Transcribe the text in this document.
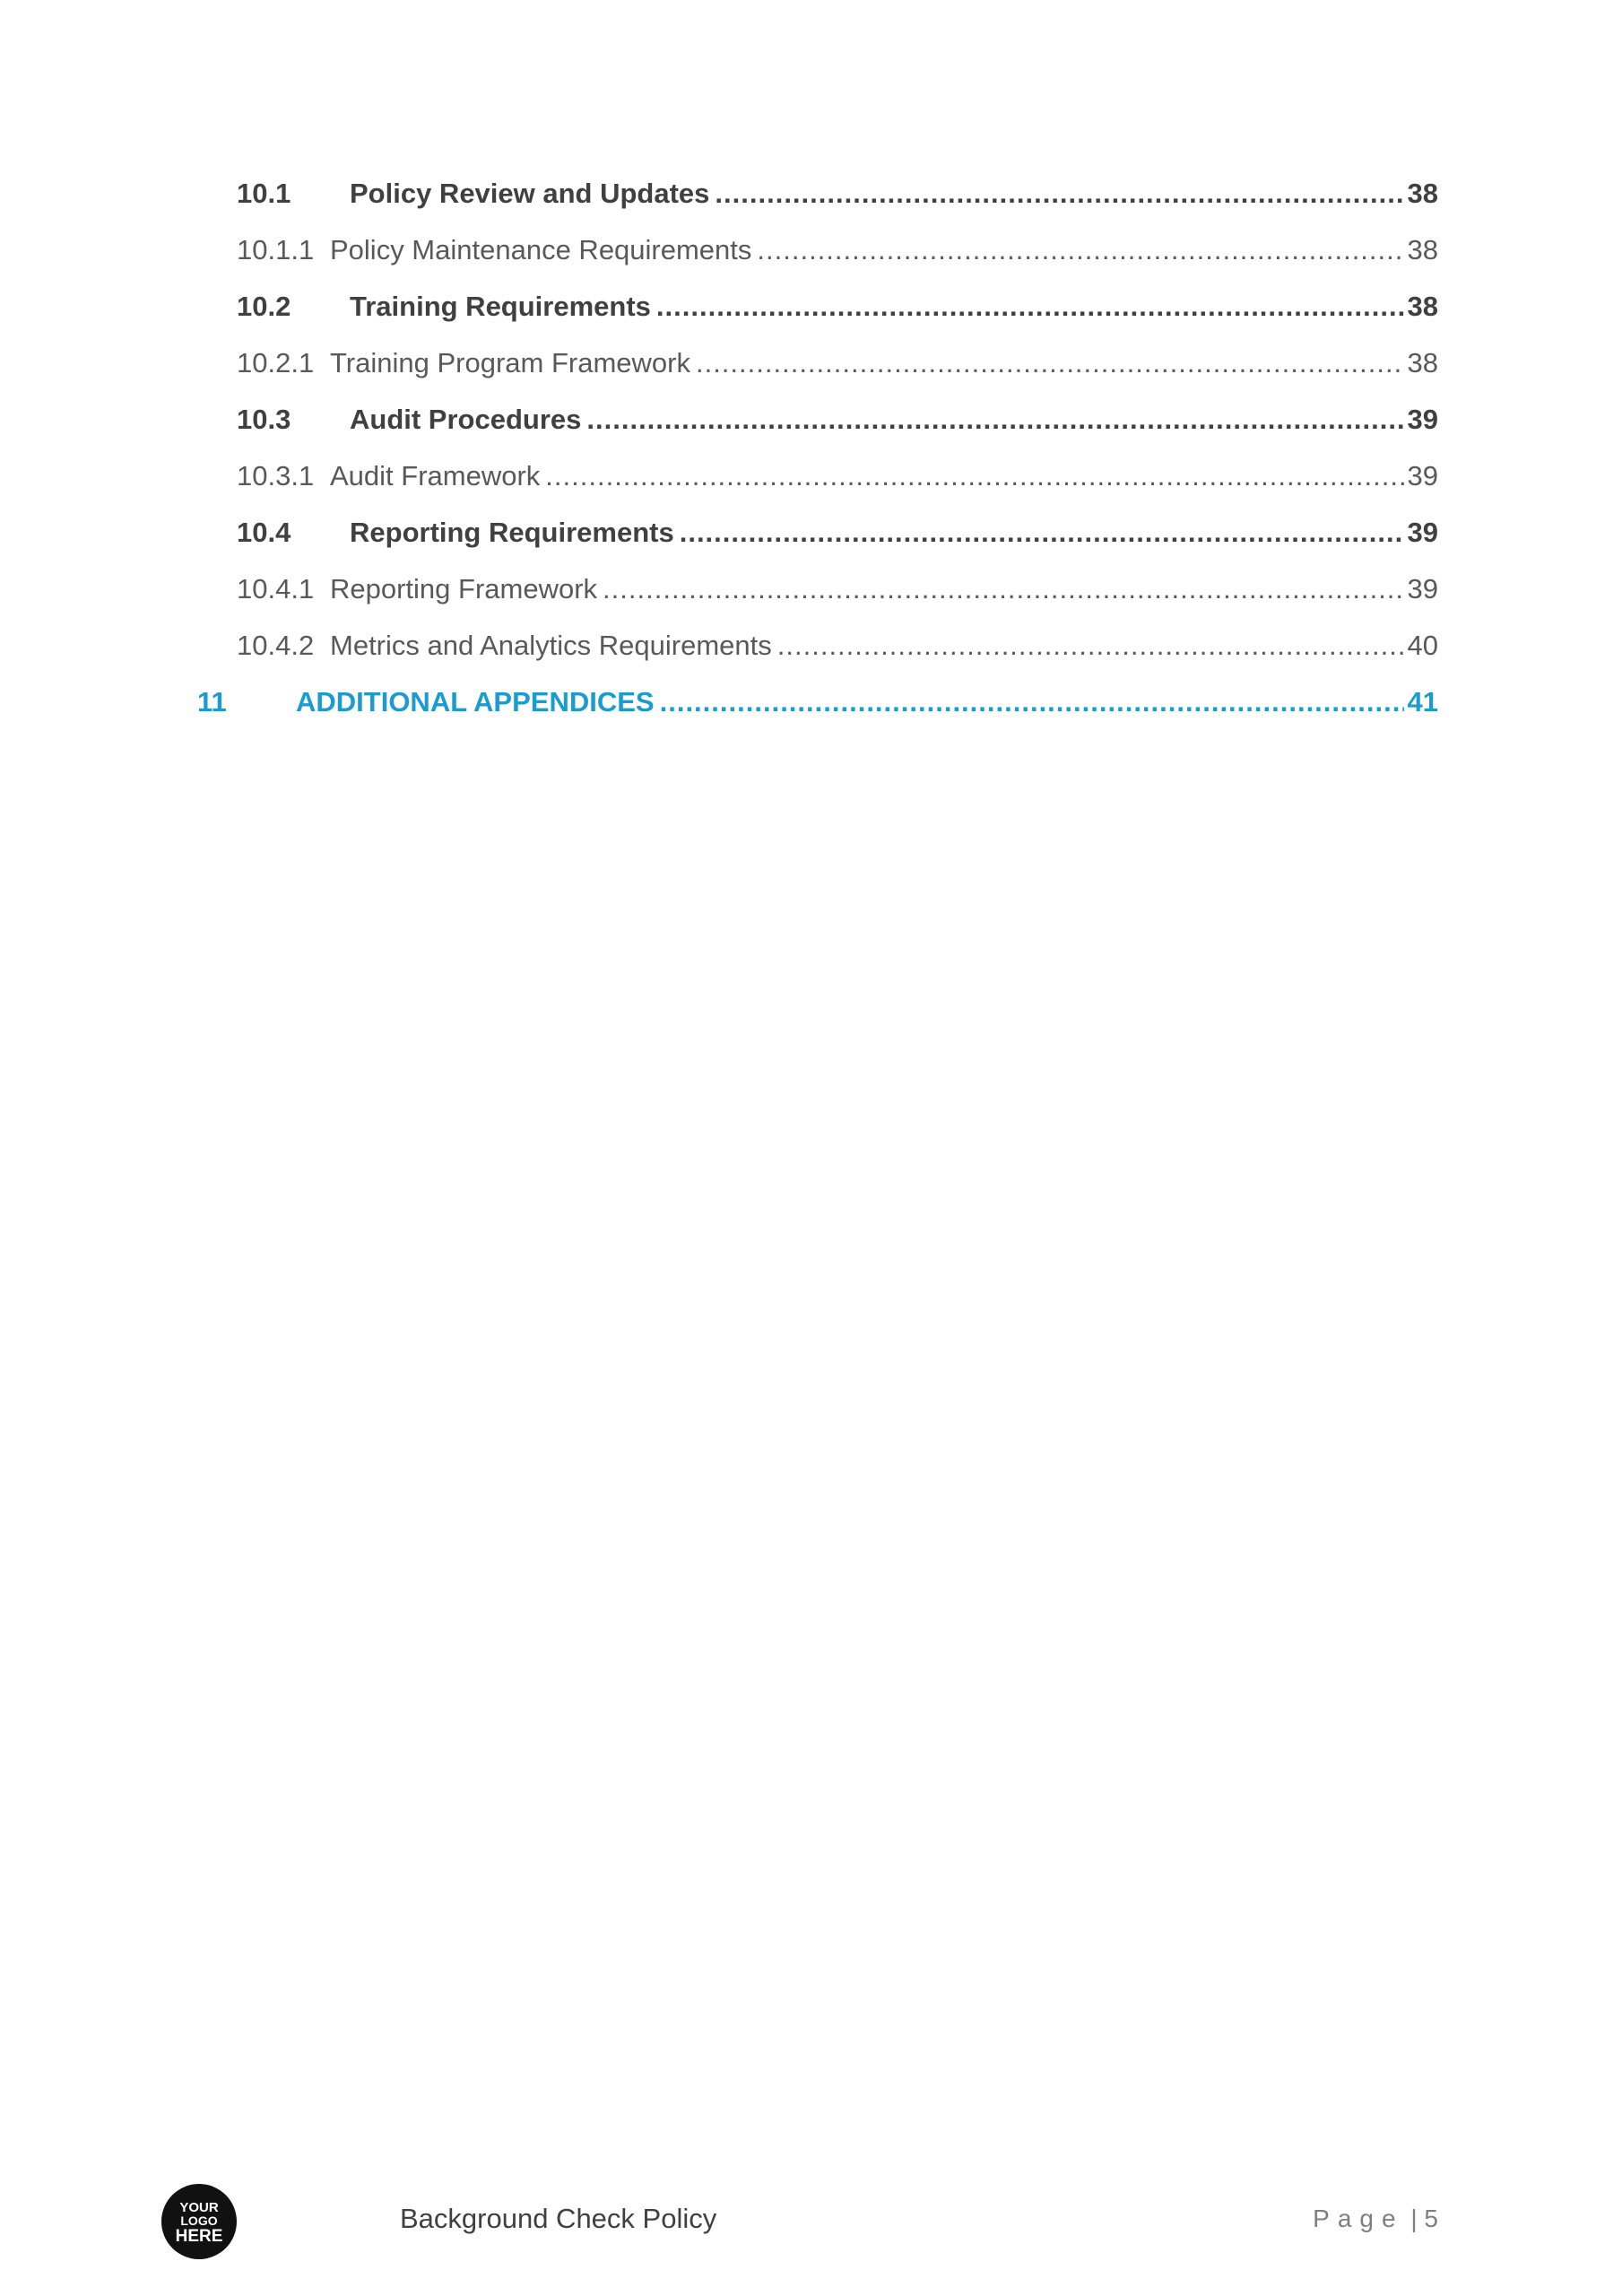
10.1	Policy Review and Updates .....	38
10.1.1 Policy Maintenance Requirements .....	38
10.2	Training Requirements .....	38
10.2.1 Training Program Framework .....	38
10.3	Audit Procedures .....	39
10.3.1 Audit Framework .....	39
10.4	Reporting Requirements .....	39
10.4.1 Reporting Framework .....	39
10.4.2 Metrics and Analytics Requirements .....	40
11	ADDITIONAL APPENDICES .....	41
YOUR
LOGO
HERE
Background Check Policy	Page | 5
